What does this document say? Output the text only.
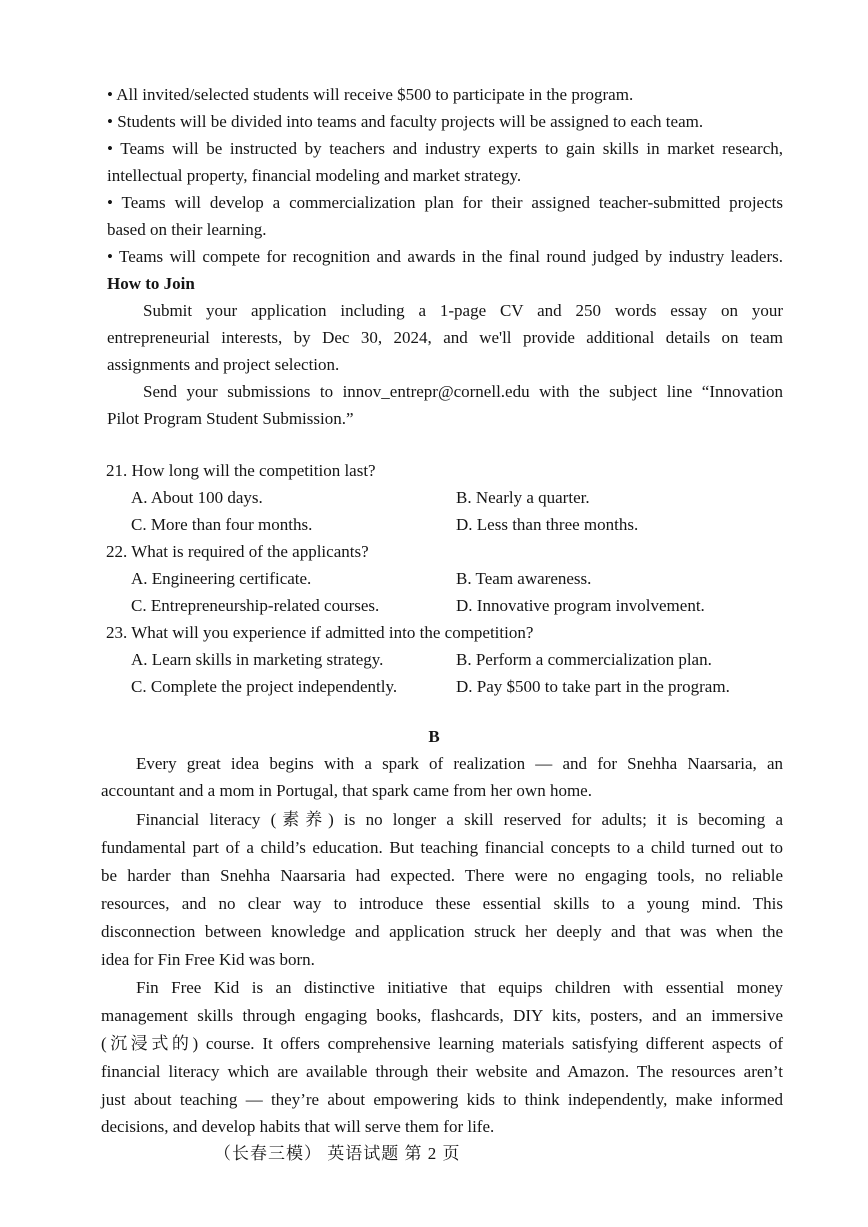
• All invited/selected students will receive $500 to participate in the program.
• Students will be divided into teams and faculty projects will be assigned to each team.
• Teams will be instructed by teachers and industry experts to gain skills in market research,
intellectual property, financial modeling and market strategy.
• Teams will develop a commercialization plan for their assigned teacher-submitted projects
based on their learning.
• Teams will compete for recognition and awards in the final round judged by industry leaders.
How to Join
Submit your application including a 1-page CV and 250 words essay on your
entrepreneurial interests, by Dec 30, 2024, and we'll provide additional details on team
assignments and project selection.
Send your submissions to innov_entrepr@cornell.edu with the subject line “Innovation
Pilot Program Student Submission.”
21. How long will the competition last?
A. About 100 days.	B. Nearly a quarter.
C. More than four months.	D. Less than three months.
22. What is required of the applicants?
A. Engineering certificate.	B. Team awareness.
C. Entrepreneurship-related courses.	D. Innovative program involvement.
23. What will you experience if admitted into the competition?
A. Learn skills in marketing strategy.	B. Perform a commercialization plan.
C. Complete the project independently.	D. Pay $500 to take part in the program.
B
Every great idea begins with a spark of realization — and for Snehha Naarsaria, an
accountant and a mom in Portugal, that spark came from her own home.
Financial literacy (素养) is no longer a skill reserved for adults; it is becoming a
fundamental part of a child’s education. But teaching financial concepts to a child turned out to
be harder than Snehha Naarsaria had expected. There were no engaging tools, no reliable
resources, and no clear way to introduce these essential skills to a young mind. This
disconnection between knowledge and application struck her deeply and that was when the
idea for Fin Free Kid was born.
Fin Free Kid is an distinctive initiative that equips children with essential money
management skills through engaging books, flashcards, DIY kits, posters, and an immersive
(沉浸式的) course. It offers comprehensive learning materials satisfying different aspects of
financial literacy which are available through their website and Amazon. The resources aren’t
just about teaching — they’re about empowering kids to think independently, make informed
decisions, and develop habits that will serve them for life.
（长春三模） 英语试题 第 2 页
